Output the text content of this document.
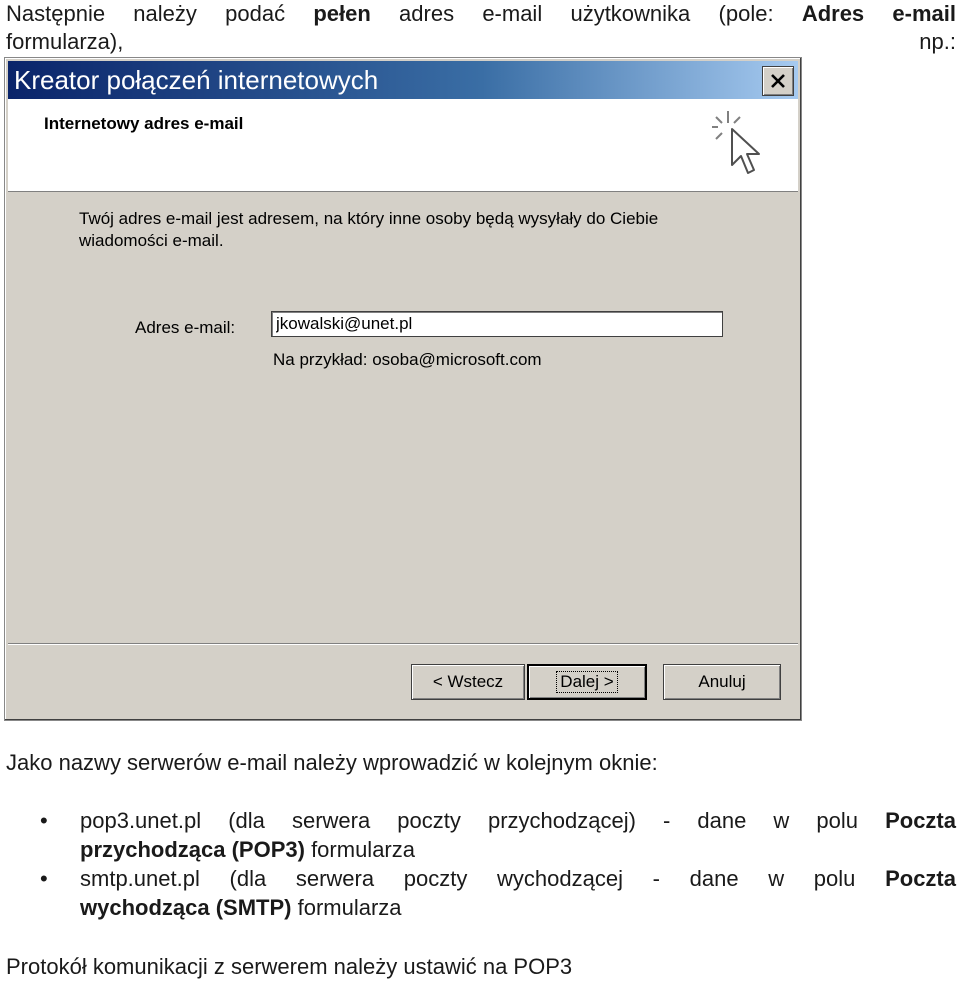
Następnie należy podać pełen adres e-mail użytkownika (pole: Adres e-mail
formularza),	np.:
Kreator połączeń internetowych
Internetowy adres e-mail
Twój adres e-mail jest adresem, na który inne osoby będą wysyłały do Ciebie wiadomości e-mail.
Adres e-mail:
jkowalski@unet.pl
Na przykład: osoba@microsoft.com
< Wstecz	Dalej >	Anuluj
Jako nazwy serwerów e-mail należy wprowadzić w kolejnym oknie:
• pop3.unet.pl (dla serwera poczty przychodzącej) - dane w polu Poczta
przychodząca (POP3) formularza
• smtp.unet.pl (dla serwera poczty wychodzącej - dane w polu Poczta
wychodząca (SMTP) formularza
Protokół komunikacji z serwerem należy ustawić na POP3
